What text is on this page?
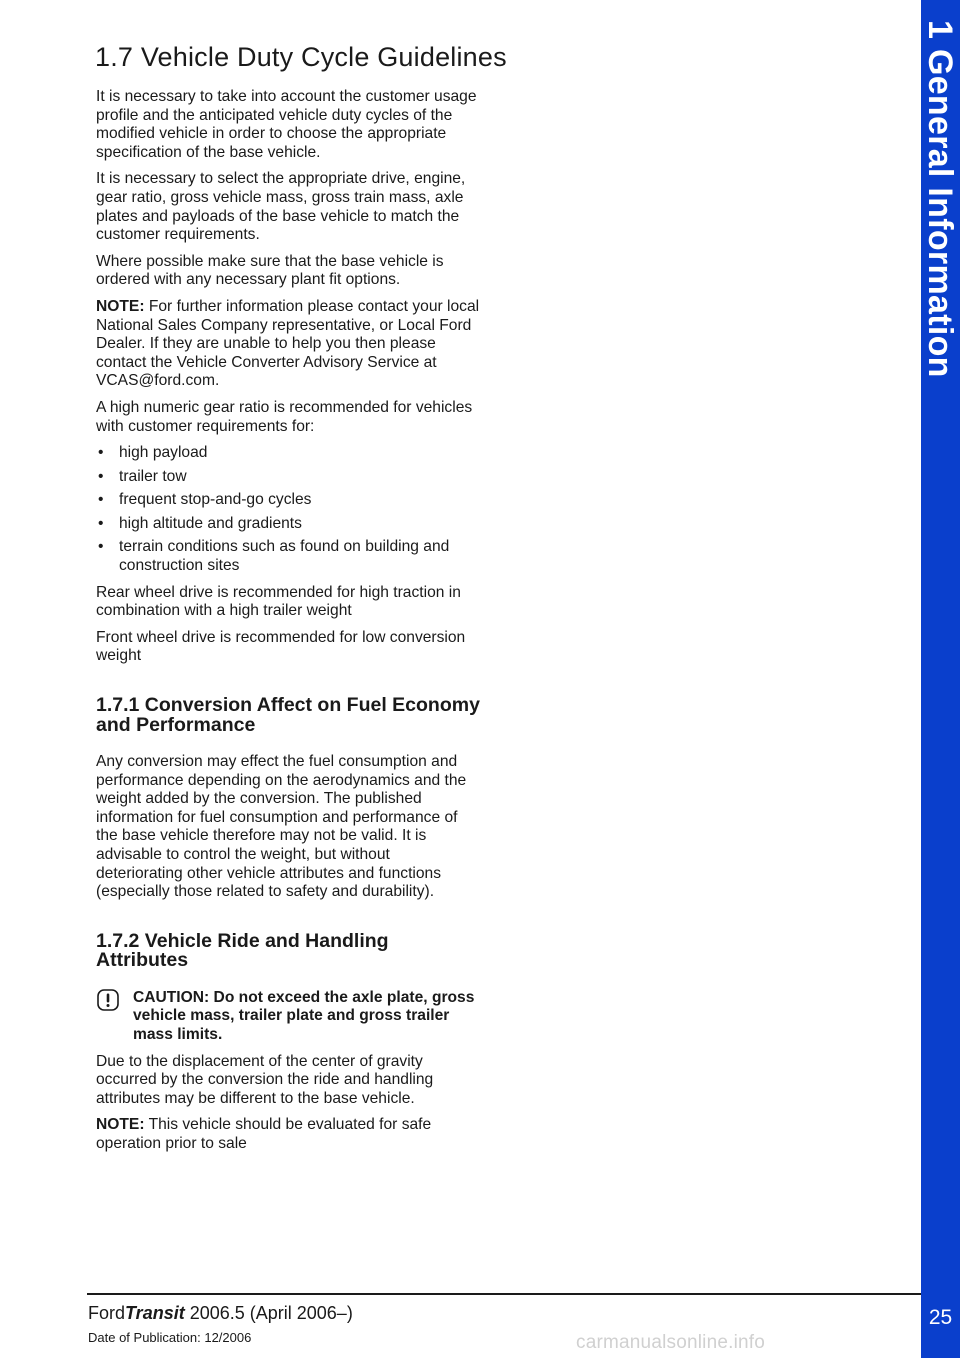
1.7 Vehicle Duty Cycle Guidelines

It is necessary to take into account the customer usage profile and the anticipated vehicle duty cycles of the modified vehicle in order to choose the appropriate specification of the base vehicle.

It is necessary to select the appropriate drive, engine, gear ratio, gross vehicle mass, gross train mass, axle plates and payloads of the base vehicle to match the customer requirements.

Where possible make sure that the base vehicle is ordered with any necessary plant fit options.

NOTE: For further information please contact your local National Sales Company representative, or Local Ford Dealer. If they are unable to help you then please contact the Vehicle Converter Advisory Service at VCAS@ford.com.

A high numeric gear ratio is recommended for vehicles with customer requirements for:

• high payload
• trailer tow
• frequent stop-and-go cycles
• high altitude and gradients
• terrain conditions such as found on building and construction sites

Rear wheel drive is recommended for high traction in combination with a high trailer weight

Front wheel drive is recommended for low conversion weight

1.7.1 Conversion Affect on Fuel Economy and Performance

Any conversion may effect the fuel consumption and performance depending on the aerodynamics and the weight added by the conversion. The published information for fuel consumption and performance of the base vehicle therefore may not be valid. It is advisable to control the weight, but without deteriorating other vehicle attributes and functions (especially those related to safety and durability).

1.7.2 Vehicle Ride and Handling Attributes
CAUTION: Do not exceed the axle plate, gross vehicle mass, trailer plate and gross trailer mass limits.

Due to the displacement of the center of gravity occurred by the conversion the ride and handling attributes may be different to the base vehicle.

NOTE: This vehicle should be evaluated for safe operation prior to sale

1 General Information
25
FordTransit 2006.5 (April 2006–)
Date of Publication: 12/2006	carmanualsonline.info
